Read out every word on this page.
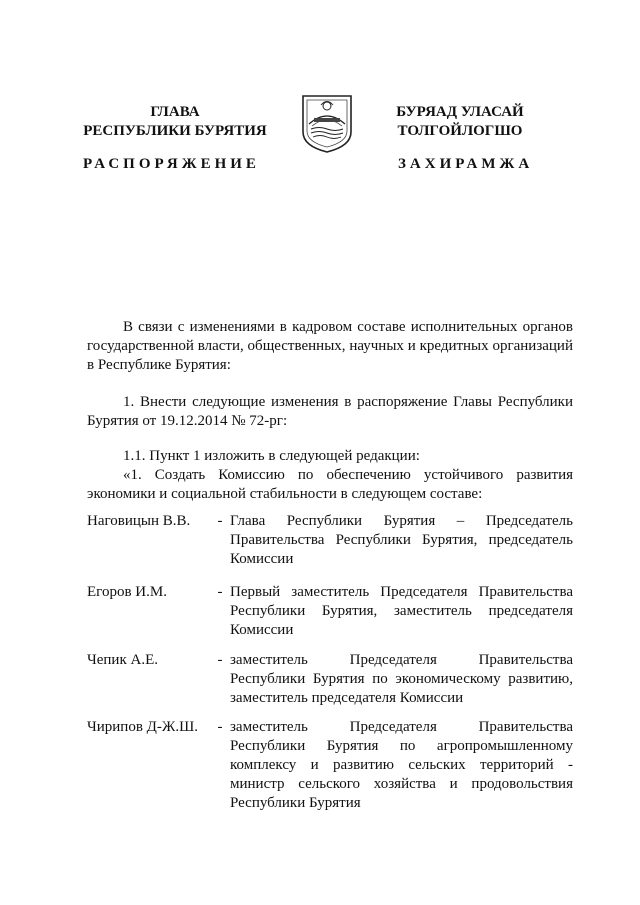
ГЛАВА
РЕСПУБЛИКИ БУРЯТИЯ
БУРЯАД УЛАСАЙ
ТОЛГОЙЛОГШО
РАСПОРЯЖЕНИЕ	ЗАХИРАМЖА
В связи с изменениями в кадровом составе исполнительных органов государственной власти, общественных, научных и кредитных организаций в Республике Бурятия:
1. Внести следующие изменения в распоряжение Главы Республики Бурятия от 19.12.2014 № 72-рг:
1.1. Пункт 1 изложить в следующей редакции:
«1. Создать Комиссию по обеспечению устойчивого развития экономики и социальной стабильности в следующем составе:
Наговицын В.В.	- Глава Республики Бурятия – Председатель Правительства Республики Бурятия, председатель Комиссии
Егоров И.М.	- Первый заместитель Председателя Правительства Республики Бурятия, заместитель председателя Комиссии
Чепик А.Е.	- заместитель Председателя Правительства Республики Бурятия по экономическому развитию, заместитель председателя Комиссии
Чирипов Д-Ж.Ш.	- заместитель Председателя Правительства Республики Бурятия по агропромышленному комплексу и развитию сельских территорий - министр сельского хозяйства и продовольствия Республики Бурятия
